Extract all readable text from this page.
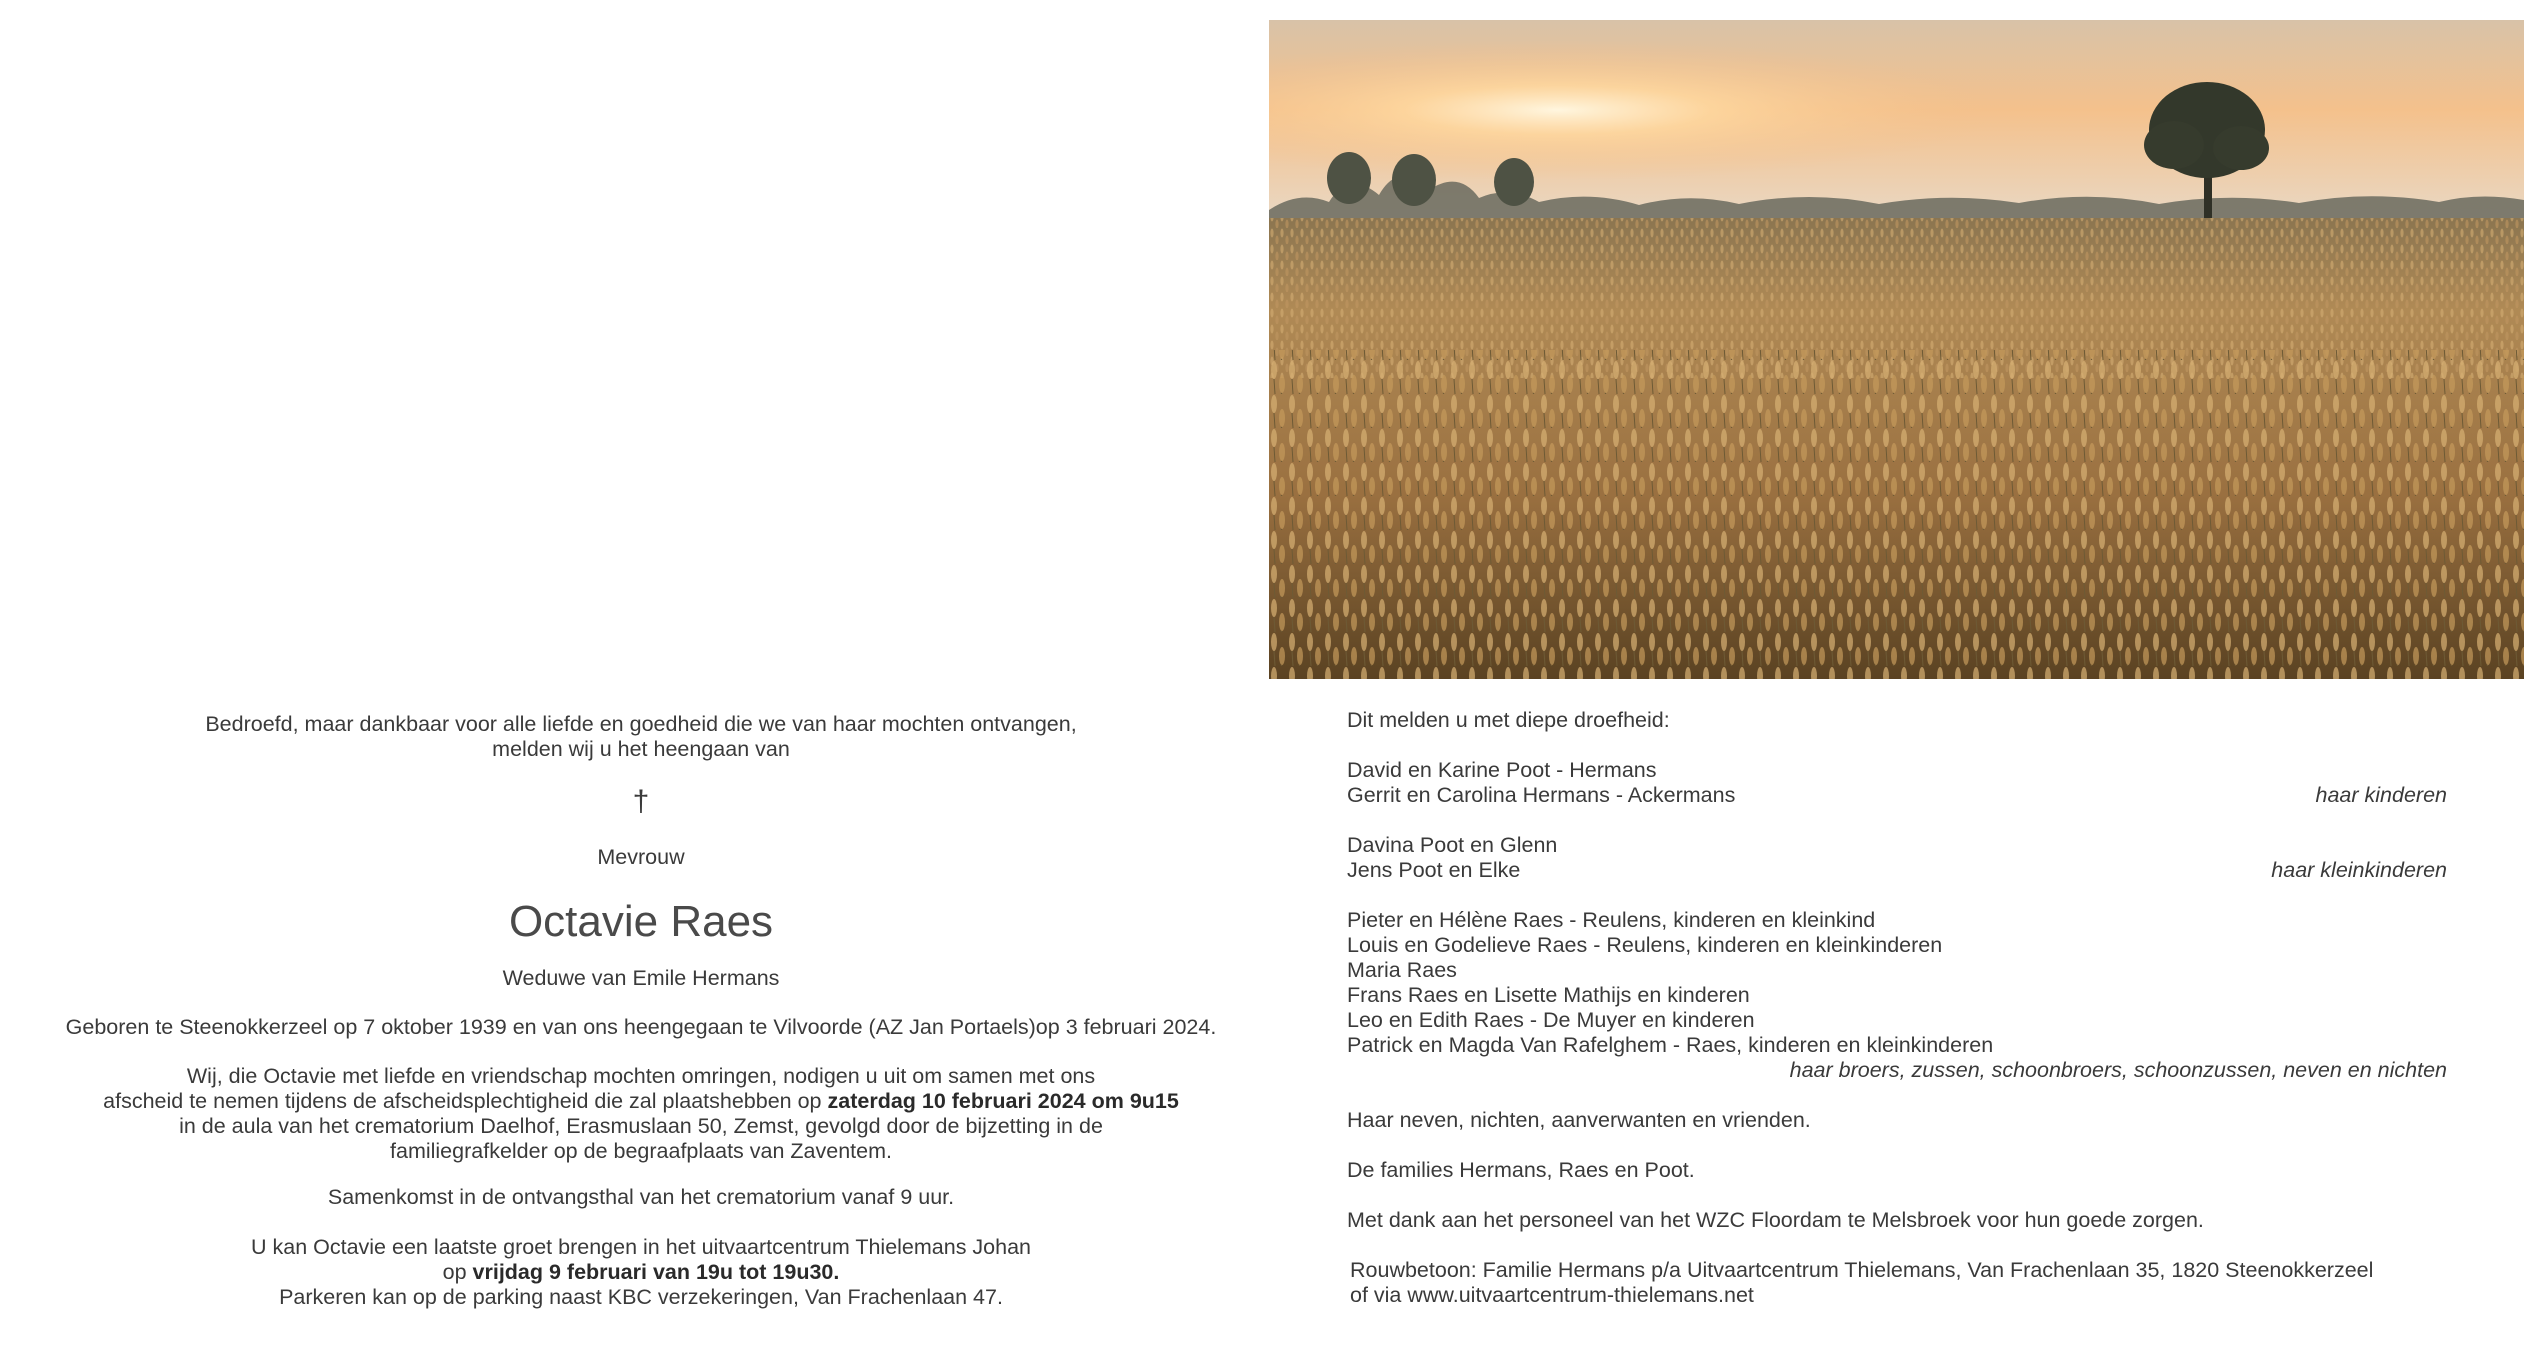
Bedroefd, maar dankbaar voor alle liefde en goedheid die we van haar mochten ontvangen,

melden wij u het heengaan van

†
Mevrouw
Octavie Raes
Weduwe van Emile Hermans
Geboren te Steenokkerzeel op 7 oktober 1939 en van ons heengegaan te Vilvoorde (AZ Jan Portaels)op 3 februari 2024.

Wij, die Octavie met liefde en vriendschap mochten omringen, nodigen u uit om samen met ons

afscheid te nemen tijdens de afscheidsplechtigheid die zal plaatshebben op zaterdag 10 februari 2024 om 9u15

in de aula van het crematorium Daelhof, Erasmuslaan 50, Zemst, gevolgd door de bijzetting in de

familiegrafkelder op de begraafplaats van Zaventem.

Samenkomst in de ontvangsthal van het crematorium vanaf 9 uur.

U kan Octavie een laatste groet brengen in het uitvaartcentrum Thielemans Johan

op vrijdag 9 februari van 19u tot 19u30.

Parkeren kan op de parking naast KBC verzekeringen, Van Frachenlaan 47.

Dit melden u met diepe droefheid:
David en Karine Poot - Hermans
Gerrit en Carolina Hermans - Ackermans	haar kinderen
Davina Poot en Glenn
Jens Poot en Elke	haar kleinkinderen
Pieter en Hélène Raes - Reulens, kinderen en kleinkind
Louis en Godelieve Raes - Reulens, kinderen en kleinkinderen
Maria Raes
Frans Raes en Lisette Mathijs en kinderen
Leo en Edith Raes - De Muyer en kinderen
Patrick en Magda Van Rafelghem - Raes, kinderen en kleinkinderen
haar broers, zussen, schoonbroers, schoonzussen, neven en nichten
Haar neven, nichten, aanverwanten en vrienden.
De families Hermans, Raes en Poot.
Met dank aan het personeel van het WZC Floordam te Melsbroek voor hun goede zorgen.
Rouwbetoon: Familie Hermans p/a Uitvaartcentrum Thielemans, Van Frachenlaan 35, 1820 Steenokkerzeel
of via www.uitvaartcentrum-thielemans.net
